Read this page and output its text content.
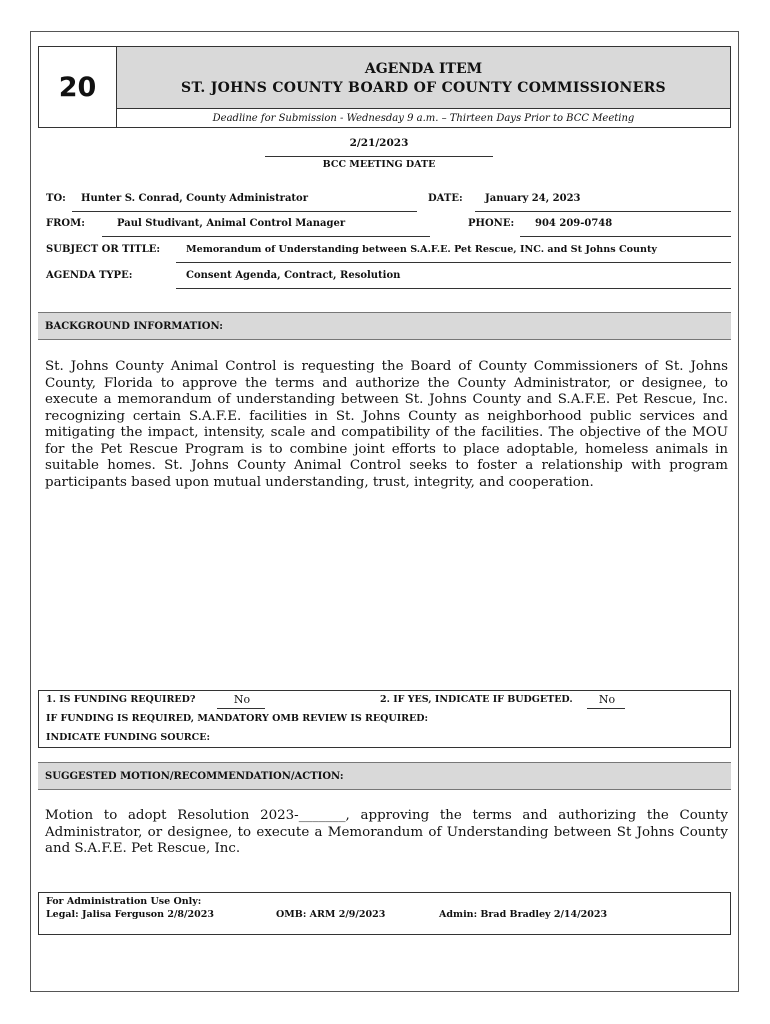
20
AGENDA ITEM
ST. JOHNS COUNTY BOARD OF COUNTY COMMISSIONERS
Deadline for Submission - Wednesday 9 a.m. – Thirteen Days Prior to BCC Meeting
2/21/2023
BCC MEETING DATE
TO: Hunter S. Conrad, County Administrator	DATE: January 24, 2023
FROM:	Paul Studivant, Animal Control Manager	PHONE: 904 209-0748
SUBJECT OR TITLE:	Memorandum of Understanding between S.A.F.E. Pet Rescue, INC. and St Johns County
AGENDA TYPE:	Consent Agenda, Contract, Resolution
BACKGROUND INFORMATION:
St. Johns County Animal Control is requesting the Board of County Commissioners of St. Johns County, Florida to approve the terms and authorize the County Administrator, or designee, to execute a memorandum of understanding between St. Johns County and S.A.F.E. Pet Rescue, Inc. recognizing certain S.A.F.E. facilities in St. Johns County as neighborhood public services and mitigating the impact, intensity, scale and compatibility of the facilities. The objective of the MOU for the Pet Rescue Program is to combine joint efforts to place adoptable, homeless animals in suitable homes. St. Johns County Animal Control seeks to foster a relationship with program participants based upon mutual understanding, trust, integrity, and cooperation.
1. IS FUNDING REQUIRED?	No	2. IF YES, INDICATE IF BUDGETED.	No
IF FUNDING IS REQUIRED, MANDATORY OMB REVIEW IS REQUIRED:
INDICATE FUNDING SOURCE:
SUGGESTED MOTION/RECOMMENDATION/ACTION:
Motion to adopt Resolution 2023-_______, approving the terms and authorizing the County Administrator, or designee, to execute a Memorandum of Understanding between St Johns County and S.A.F.E. Pet Rescue, Inc.
For Administration Use Only:
Legal: Jalisa Ferguson 2/8/2023	OMB: ARM 2/9/2023	Admin: Brad Bradley 2/14/2023
